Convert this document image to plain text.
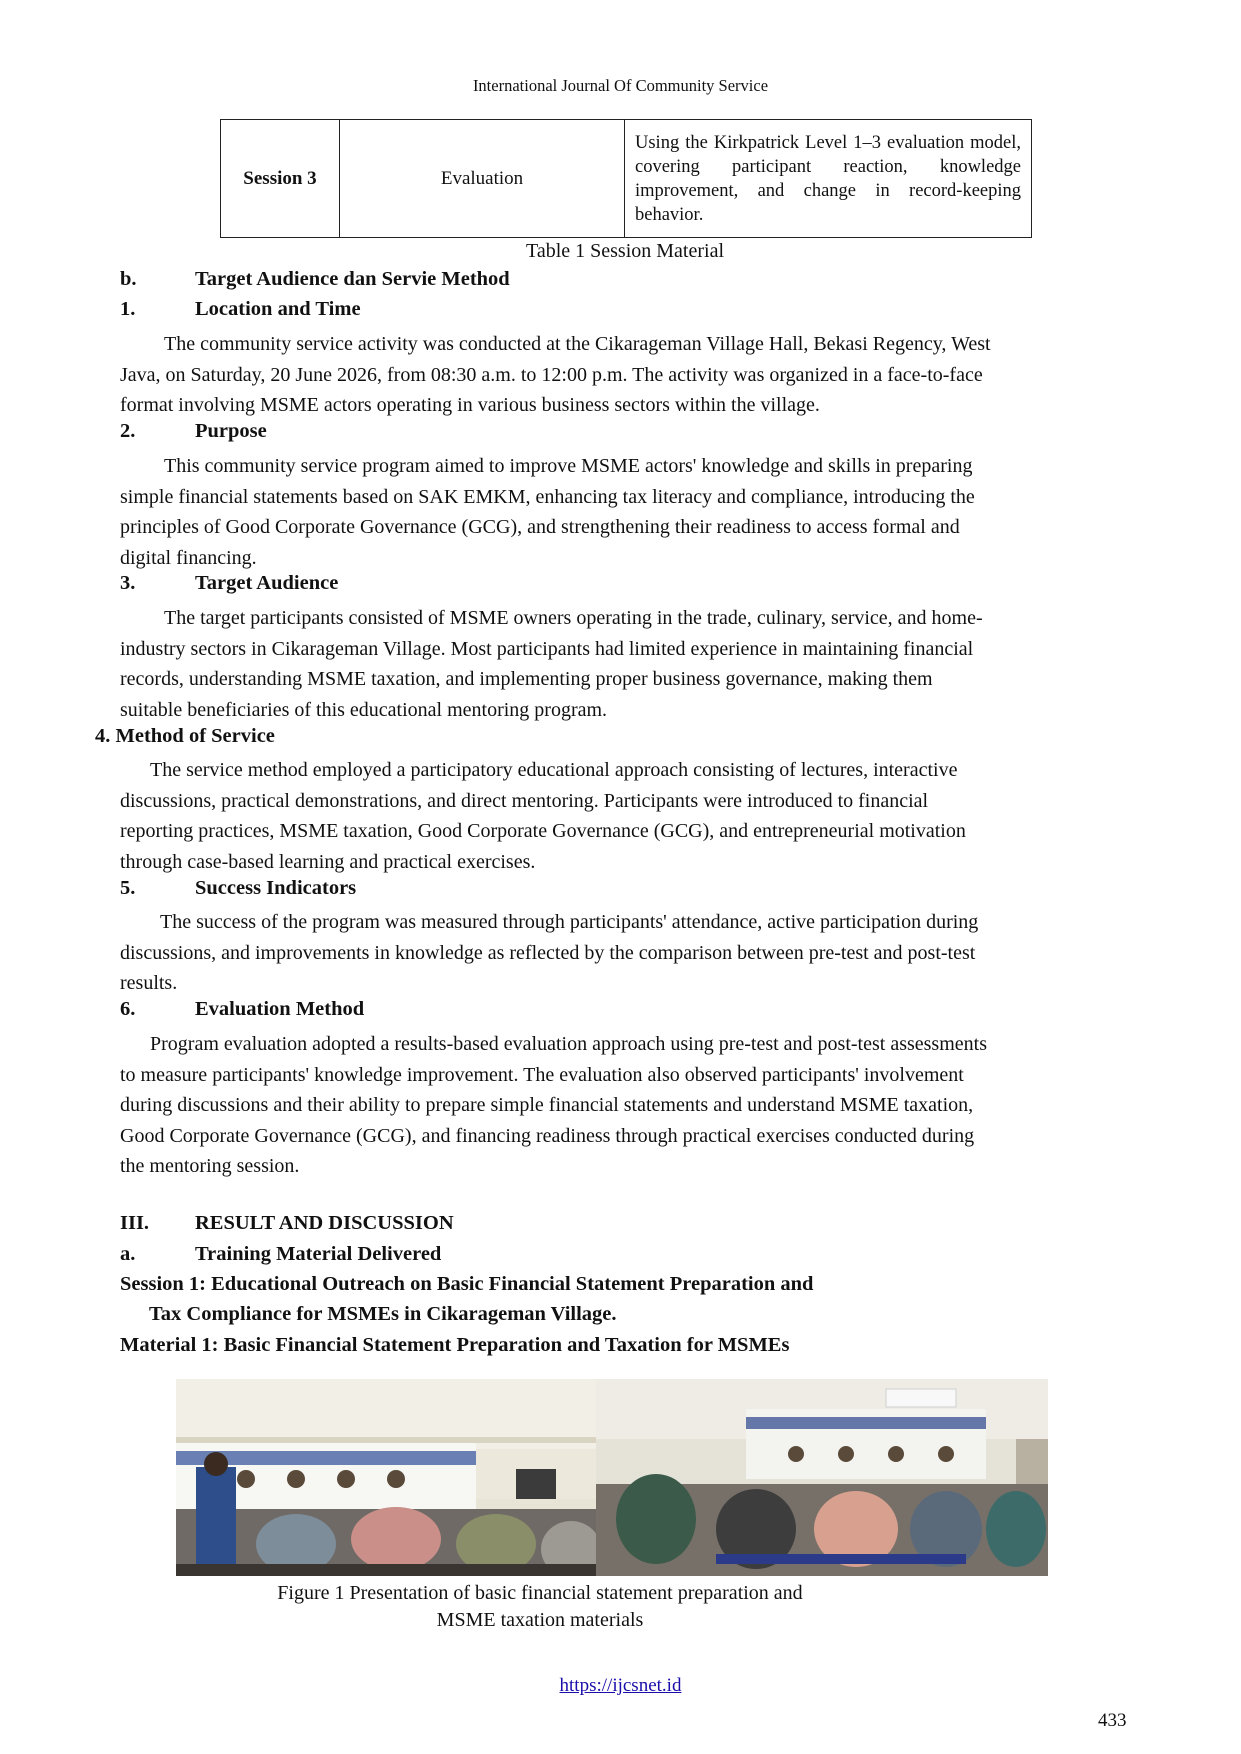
International Journal Of Community Service
Session 3	Evaluation	Using the Kirkpatrick Level 1–3 evaluation model, covering participant reaction, knowledge improvement, and change in record-keeping behavior.
Table 1 Session Material
b.	Target Audience dan Servie Method
1.	Location and Time

The community service activity was conducted at the Cikarageman Village Hall, Bekasi Regency, West

Java, on Saturday, 20 June 2026, from 08:30 a.m. to 12:00 p.m. The activity was organized in a face-to-face

format involving MSME actors operating in various business sectors within the village.

2.	Purpose

This community service program aimed to improve MSME actors' knowledge and skills in preparing

simple financial statements based on SAK EMKM, enhancing tax literacy and compliance, introducing the

principles of Good Corporate Governance (GCG), and strengthening their readiness to access formal and

digital financing.

3.	Target Audience

The target participants consisted of MSME owners operating in the trade, culinary, service, and home-

industry sectors in Cikarageman Village. Most participants had limited experience in maintaining financial

records, understanding MSME taxation, and implementing proper business governance, making them

suitable beneficiaries of this educational mentoring program.

4. Method of Service

The service method employed a participatory educational approach consisting of lectures, interactive

discussions, practical demonstrations, and direct mentoring. Participants were introduced to financial

reporting practices, MSME taxation, Good Corporate Governance (GCG), and entrepreneurial motivation

through case-based learning and practical exercises.

5.	Success Indicators

The success of the program was measured through participants' attendance, active participation during

discussions, and improvements in knowledge as reflected by the comparison between pre-test and post-test

results.

6.	Evaluation Method

Program evaluation adopted a results-based evaluation approach using pre-test and post-test assessments

to measure participants' knowledge improvement. The evaluation also observed participants' involvement

during discussions and their ability to prepare simple financial statements and understand MSME taxation,

Good Corporate Governance (GCG), and financing readiness through practical exercises conducted during

the mentoring session.

III. RESULT AND DISCUSSION
a.	Training Material Delivered
Session 1: Educational Outreach on Basic Financial Statement Preparation and
Tax Compliance for MSMEs in Cikarageman Village.
Material 1: Basic Financial Statement Preparation and Taxation for MSMEs
Figure 1 Presentation of basic financial statement preparation and
MSME taxation materials
https://ijcsnet.id
433
